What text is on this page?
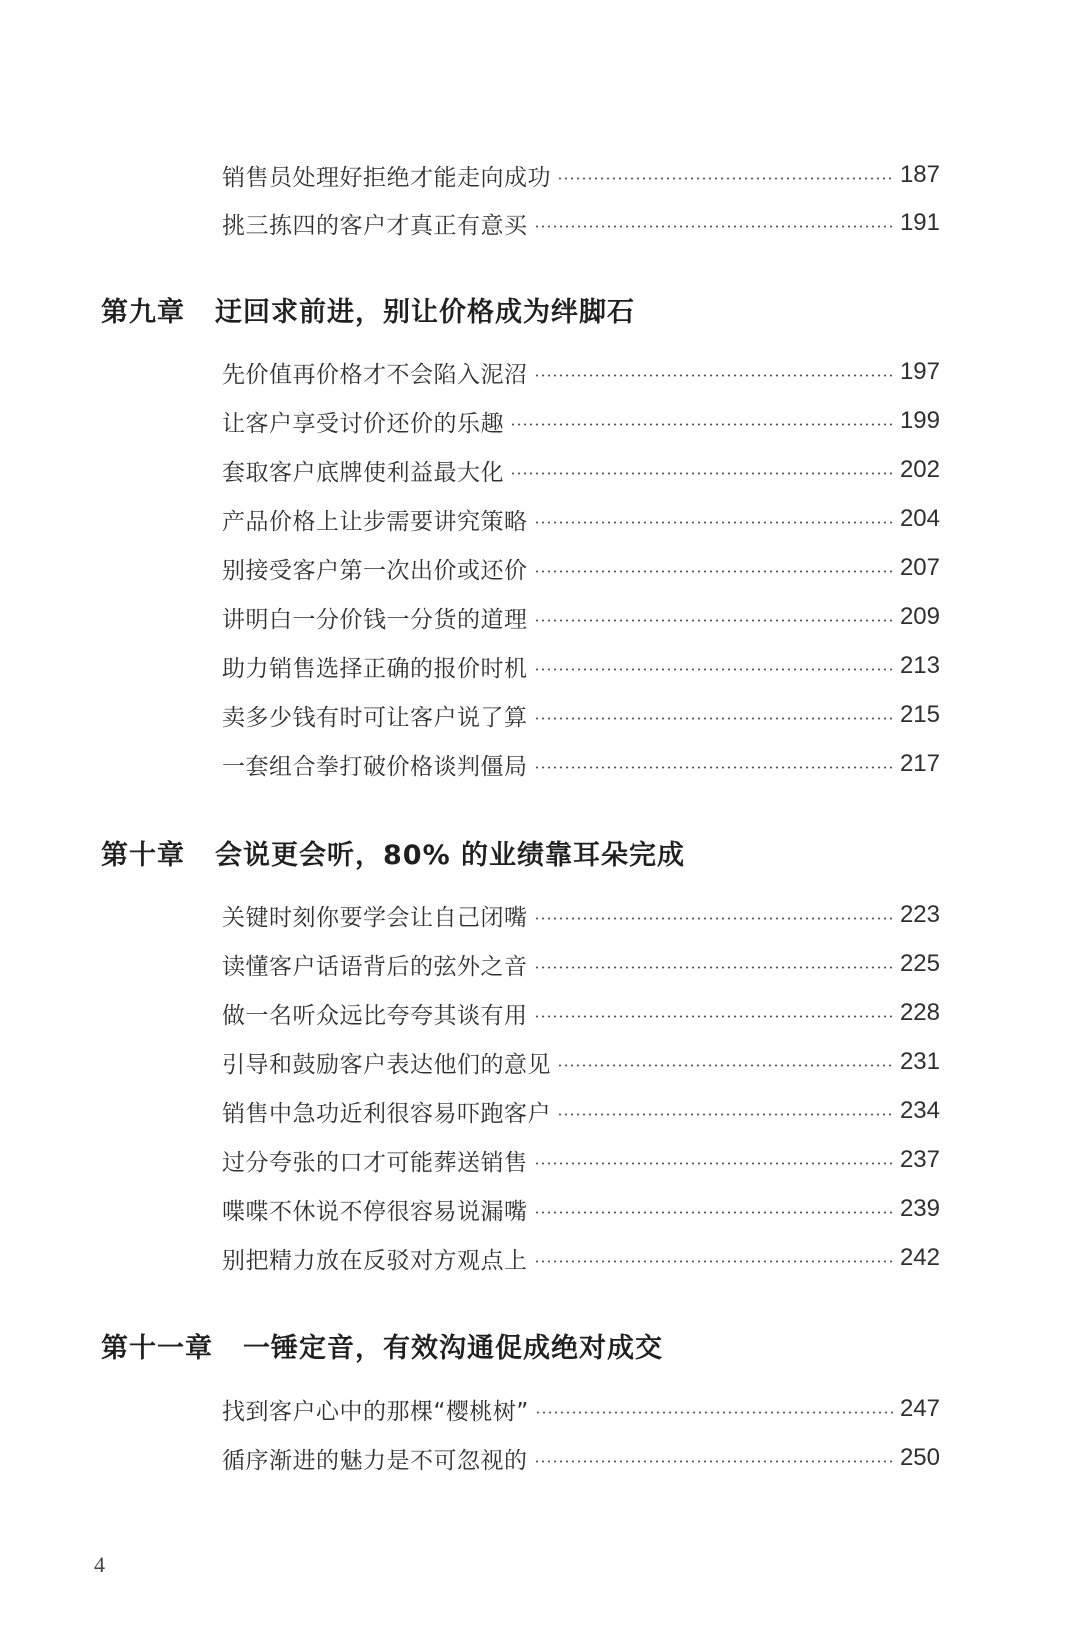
销售员处理好拒绝才能走向成功	187
挑三拣四的客户才真正有意买	191
第九章 迂回求前进，别让价格成为绊脚石
先价值再价格才不会陷入泥沼	197
让客户享受讨价还价的乐趣	199
套取客户底牌使利益最大化	202
产品价格上让步需要讲究策略	204
别接受客户第一次出价或还价	207
讲明白一分价钱一分货的道理	209
助力销售选择正确的报价时机	213
卖多少钱有时可让客户说了算	215
一套组合拳打破价格谈判僵局	217
第十章 会说更会听，80% 的业绩靠耳朵完成
关键时刻你要学会让自己闭嘴	223
读懂客户话语背后的弦外之音	225
做一名听众远比夸夸其谈有用	228
引导和鼓励客户表达他们的意见	231
销售中急功近利很容易吓跑客户	234
过分夸张的口才可能葬送销售	237
喋喋不休说不停很容易说漏嘴	239
别把精力放在反驳对方观点上	242
第十一章 一锤定音，有效沟通促成绝对成交
找到客户心中的那棵“樱桃树”	247
循序渐进的魅力是不可忽视的	250
4
